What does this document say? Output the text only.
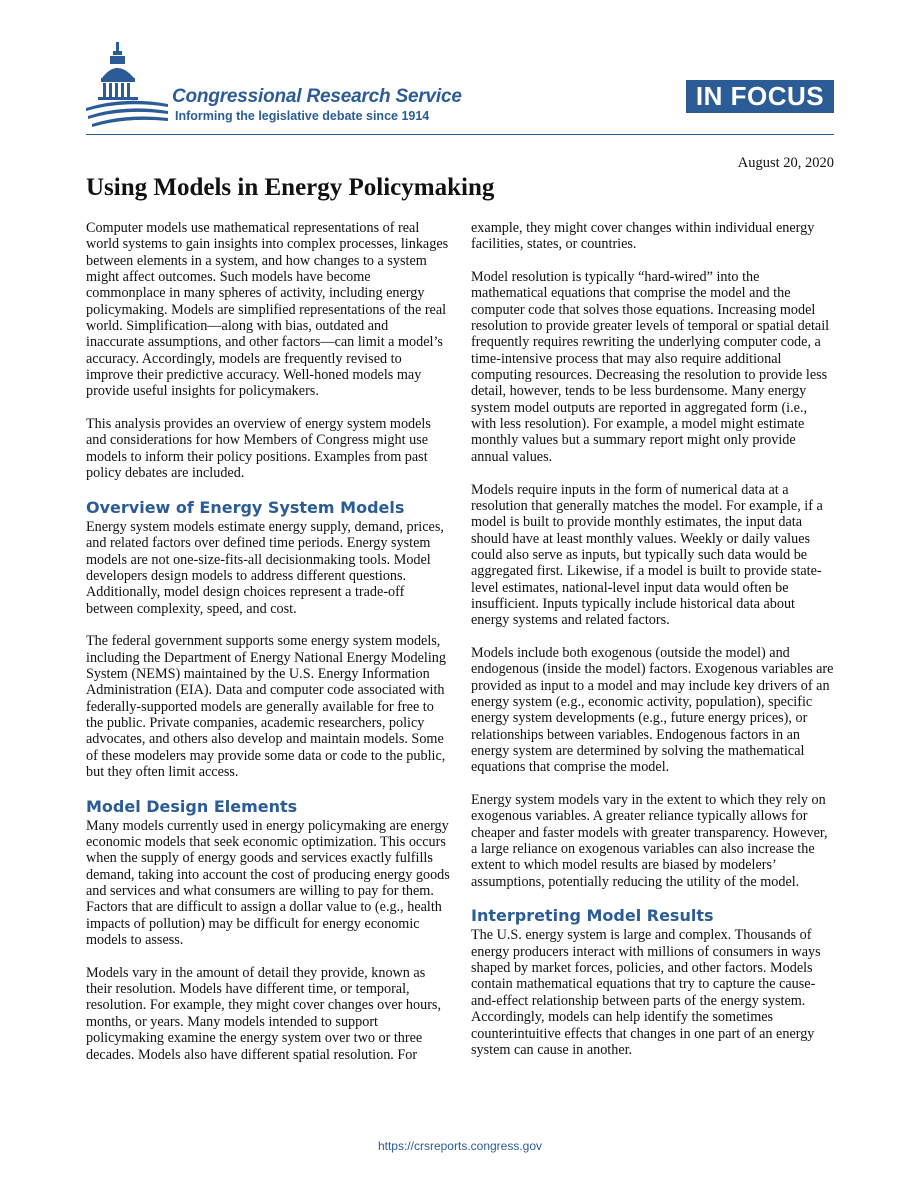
Congressional Research Service
Informing the legislative debate since 1914
IN FOCUS
August 20, 2020
Using Models in Energy Policymaking

Computer models use mathematical representations of real world systems to gain insights into complex processes, linkages between elements in a system, and how changes to a system might affect outcomes. Such models have become commonplace in many spheres of activity, including energy policymaking. Models are simplified representations of the real world. Simplification—along with bias, outdated and inaccurate assumptions, and other factors—can limit a model’s accuracy. Accordingly, models are frequently revised to improve their predictive accuracy. Well-honed models may provide useful insights for policymakers.

This analysis provides an overview of energy system models and considerations for how Members of Congress might use models to inform their policy positions. Examples from past policy debates are included.

Overview of Energy System Models

Energy system models estimate energy supply, demand, prices, and related factors over defined time periods. Energy system models are not one-size-fits-all decisionmaking tools. Model developers design models to address different questions. Additionally, model design choices represent a trade-off between complexity, speed, and cost.

The federal government supports some energy system models, including the Department of Energy National Energy Modeling System (NEMS) maintained by the U.S. Energy Information Administration (EIA). Data and computer code associated with federally-supported models are generally available for free to the public. Private companies, academic researchers, policy advocates, and others also develop and maintain models. Some of these modelers may provide some data or code to the public, but they often limit access.

Model Design Elements

Many models currently used in energy policymaking are energy economic models that seek economic optimization. This occurs when the supply of energy goods and services exactly fulfills demand, taking into account the cost of producing energy goods and services and what consumers are willing to pay for them. Factors that are difficult to assign a dollar value to (e.g., health impacts of pollution) may be difficult for energy economic models to assess.

Models vary in the amount of detail they provide, known as their resolution. Models have different time, or temporal, resolution. For example, they might cover changes over hours, months, or years. Many models intended to support policymaking examine the energy system over two or three decades. Models also have different spatial resolution. For

example, they might cover changes within individual energy facilities, states, or countries.

Model resolution is typically “hard-wired” into the mathematical equations that comprise the model and the computer code that solves those equations. Increasing model resolution to provide greater levels of temporal or spatial detail frequently requires rewriting the underlying computer code, a time-intensive process that may also require additional computing resources. Decreasing the resolution to provide less detail, however, tends to be less burdensome. Many energy system model outputs are reported in aggregated form (i.e., with less resolution). For example, a model might estimate monthly values but a summary report might only provide annual values.

Models require inputs in the form of numerical data at a resolution that generally matches the model. For example, if a model is built to provide monthly estimates, the input data should have at least monthly values. Weekly or daily values could also serve as inputs, but typically such data would be aggregated first. Likewise, if a model is built to provide state-level estimates, national-level input data would often be insufficient. Inputs typically include historical data about energy systems and related factors.

Models include both exogenous (outside the model) and endogenous (inside the model) factors. Exogenous variables are provided as input to a model and may include key drivers of an energy system (e.g., economic activity, population), specific energy system developments (e.g., future energy prices), or relationships between variables. Endogenous factors in an energy system are determined by solving the mathematical equations that comprise the model.

Energy system models vary in the extent to which they rely on exogenous variables. A greater reliance typically allows for cheaper and faster models with greater transparency. However, a large reliance on exogenous variables can also increase the extent to which model results are biased by modelers’ assumptions, potentially reducing the utility of the model.

Interpreting Model Results

The U.S. energy system is large and complex. Thousands of energy producers interact with millions of consumers in ways shaped by market forces, policies, and other factors. Models contain mathematical equations that try to capture the cause-and-effect relationship between parts of the energy system. Accordingly, models can help identify the sometimes counterintuitive effects that changes in one part of an energy system can cause in another.

https://crsreports.congress.gov
